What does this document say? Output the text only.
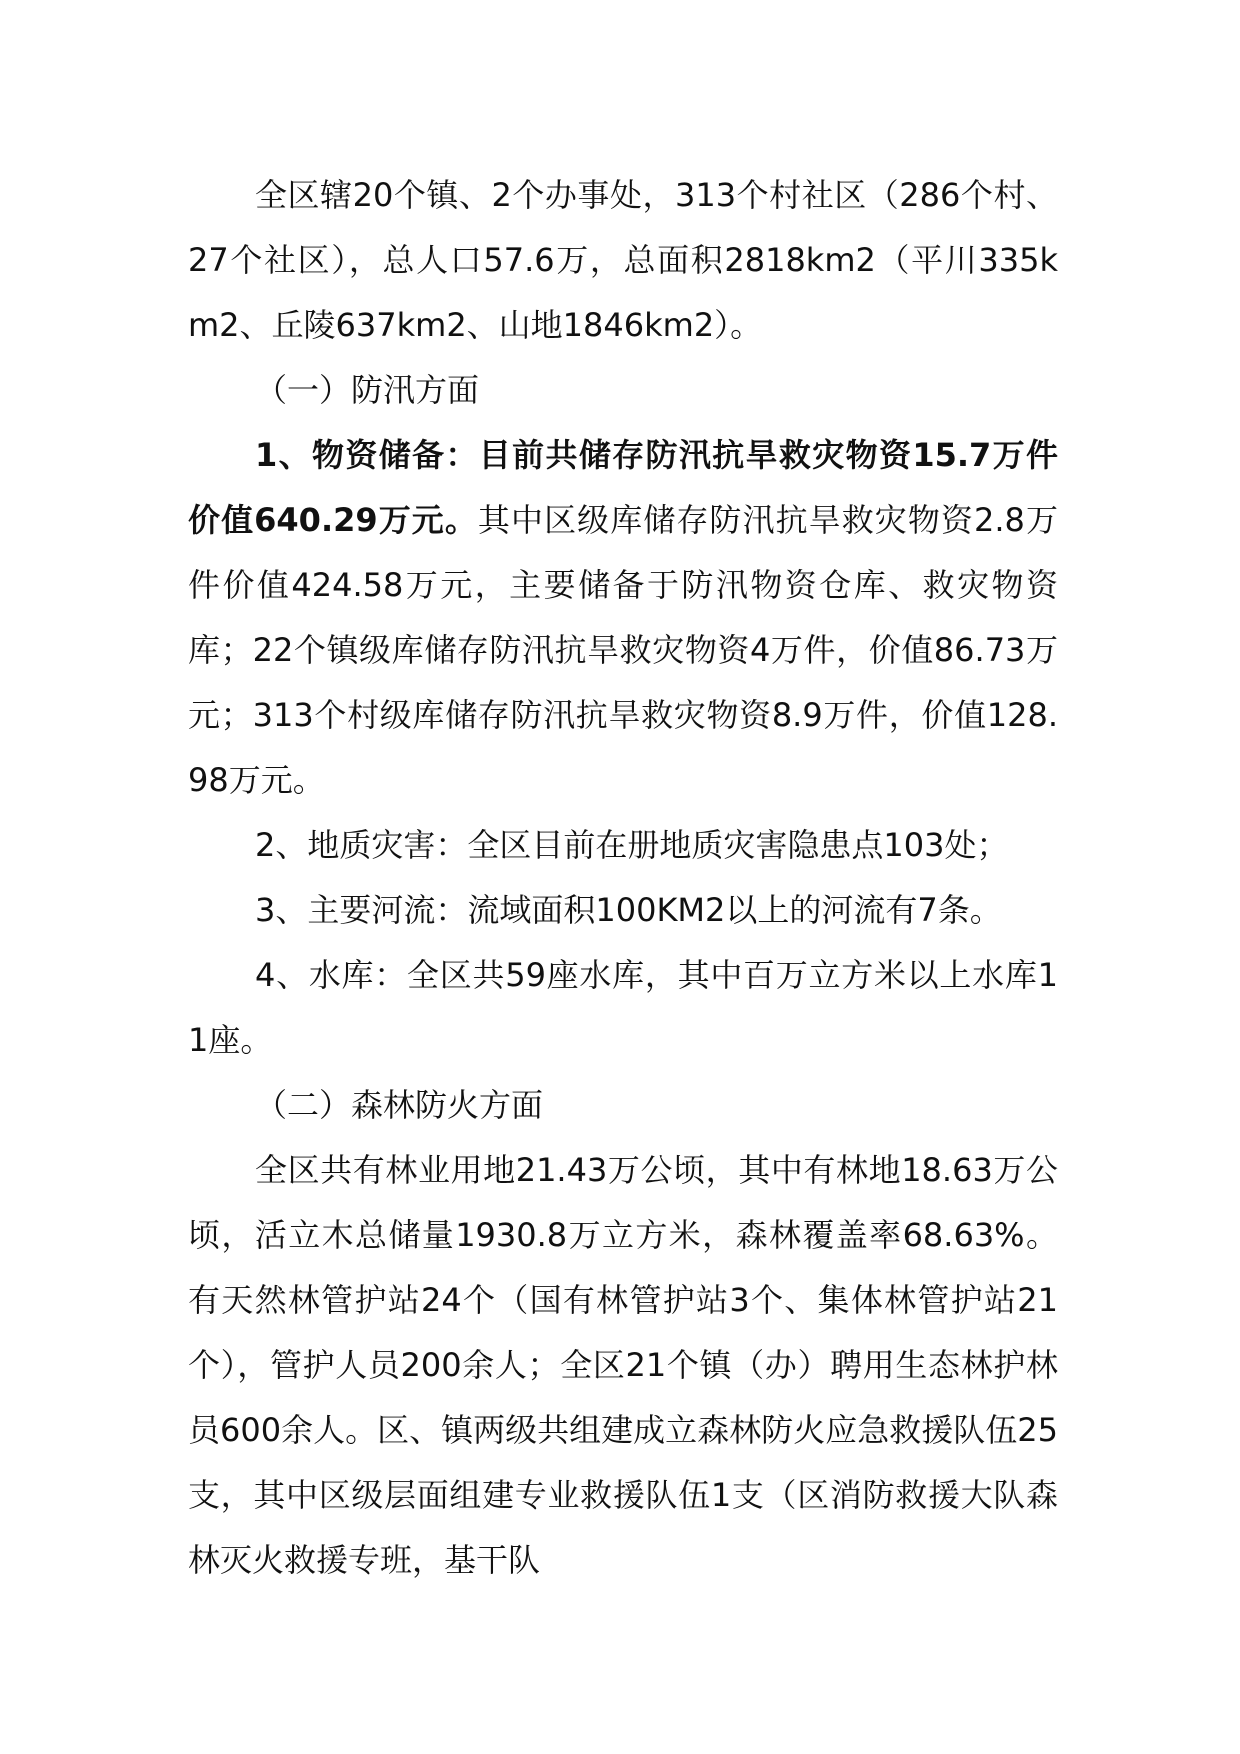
全区辖20个镇、2个办事处，313个村社区（286个村、27个社区），总人口57.6万，总面积2818km2（平川335km2、丘陵637km2、山地1846km2）。

（一）防汛方面

1、物资储备：目前共储存防汛抗旱救灾物资15.7万件价值640.29万元。其中区级库储存防汛抗旱救灾物资2.8万件价值424.58万元，主要储备于防汛物资仓库、救灾物资库；22个镇级库储存防汛抗旱救灾物资4万件，价值86.73万元；313个村级库储存防汛抗旱救灾物资8.9万件，价值128.98万元。

2、地质灾害：全区目前在册地质灾害隐患点103处；

3、主要河流：流域面积100KM2以上的河流有7条。

4、水库：全区共59座水库，其中百万立方米以上水库11座。

（二）森林防火方面

全区共有林业用地21.43万公顷，其中有林地18.63万公顷，活立木总储量1930.8万立方米，森林覆盖率68.63%。有天然林管护站24个（国有林管护站3个、集体林管护站21个），管护人员200余人；全区21个镇（办）聘用生态林护林员600余人。区、镇两级共组建成立森林防火应急救援队伍25支，其中区级层面组建专业救援队伍1支（区消防救援大队森林灭火救援专班，基干队
